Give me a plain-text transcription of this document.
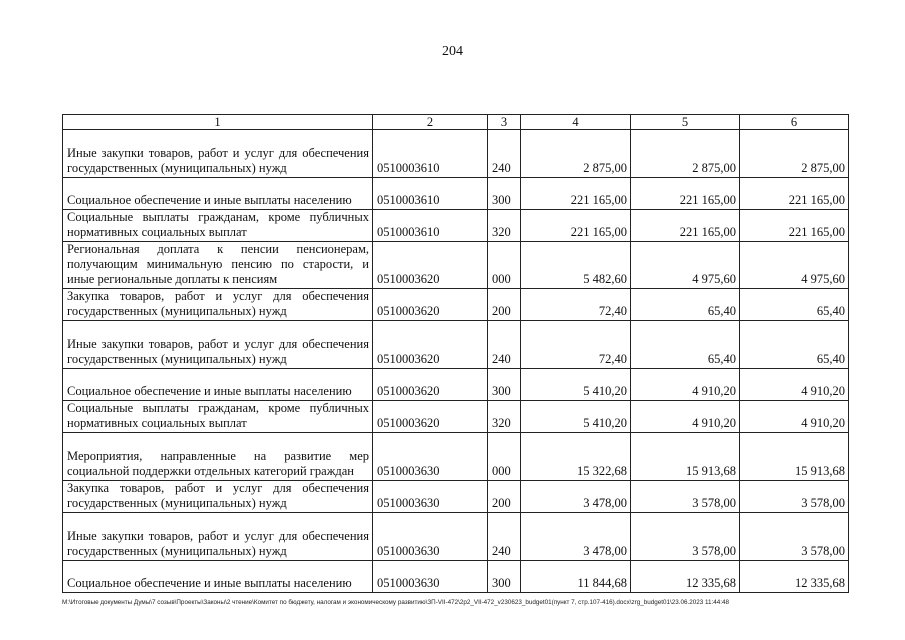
204
1	2	3	4	5	6
Иные закупки товаров, работ и услуг для обеспечения государственных (муниципальных) нужд	0510003610	240	2 875,00	2 875,00	2 875,00
Социальное обеспечение и иные выплаты населению	0510003610	300	221 165,00	221 165,00	221 165,00
Социальные выплаты гражданам, кроме публичных нормативных социальных выплат	0510003610	320	221 165,00	221 165,00	221 165,00
Региональная доплата к пенсии пенсионерам, получающим минимальную пенсию по старости, и иные региональные доплаты к пенсиям	0510003620	000	5 482,60	4 975,60	4 975,60
Закупка товаров, работ и услуг для обеспечения государственных (муниципальных) нужд	0510003620	200	72,40	65,40	65,40
Иные закупки товаров, работ и услуг для обеспечения государственных (муниципальных) нужд	0510003620	240	72,40	65,40	65,40
Социальное обеспечение и иные выплаты населению	0510003620	300	5 410,20	4 910,20	4 910,20
Социальные выплаты гражданам, кроме публичных нормативных социальных выплат	0510003620	320	5 410,20	4 910,20	4 910,20
Мероприятия, направленные на развитие мер социальной поддержки отдельных категорий граждан	0510003630	000	15 322,68	15 913,68	15 913,68
Закупка товаров, работ и услуг для обеспечения государственных (муниципальных) нужд	0510003630	200	3 478,00	3 578,00	3 578,00
Иные закупки товаров, работ и услуг для обеспечения государственных (муниципальных) нужд	0510003630	240	3 478,00	3 578,00	3 578,00
Социальное обеспечение и иные выплаты населению	0510003630	300	11 844,68	12 335,68	12 335,68
M:\Итоговые документы Думы\7 созыв\Проекты\Законы\2 чтение\Комитет по бюджету, налогам и экономическому развитию\ЗП-VII-472\2p2_VII-472_v230623_budget01(пункт 7, стр.107-416).docx\zrg_budget01\23.06.2023 11:44:48
